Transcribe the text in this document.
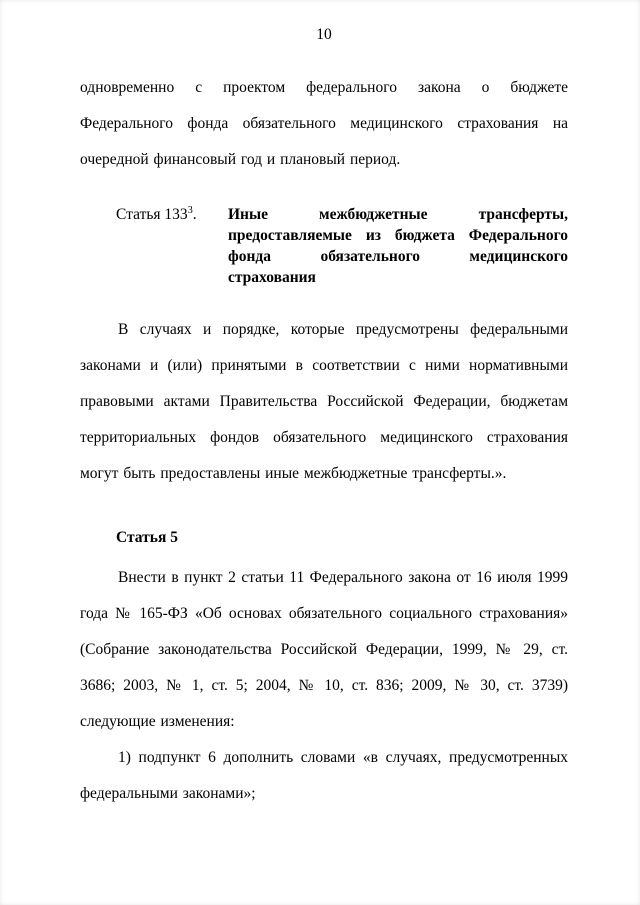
10

одновременно с проектом федерального закона о бюджете Федерального фонда обязательного медицинского страхования на очередной финансовый год и плановый период.

Статья $133^3$.	Иные межбюджетные трансферты, предоставляемые из бюджета Федерального фонда обязательного медицинского страхования

В случаях и порядке, которые предусмотрены федеральными законами и (или) принятыми в соответствии с ними нормативными правовыми актами Правительства Российской Федерации, бюджетам территориальных фондов обязательного медицинского страхования могут быть предоставлены иные межбюджетные трансферты.».

Статья 5

Внести в пункт 2 статьи 11 Федерального закона от 16 июля 1999 года № 165-ФЗ «Об основах обязательного социального страхования» (Собрание законодательства Российской Федерации, 1999, № 29, ст. 3686; 2003, № 1, ст. 5; 2004, № 10, ст. 836; 2009, № 30, ст. 3739) следующие изменения:

1) подпункт 6 дополнить словами «в случаях, предусмотренных федеральными законами»;
